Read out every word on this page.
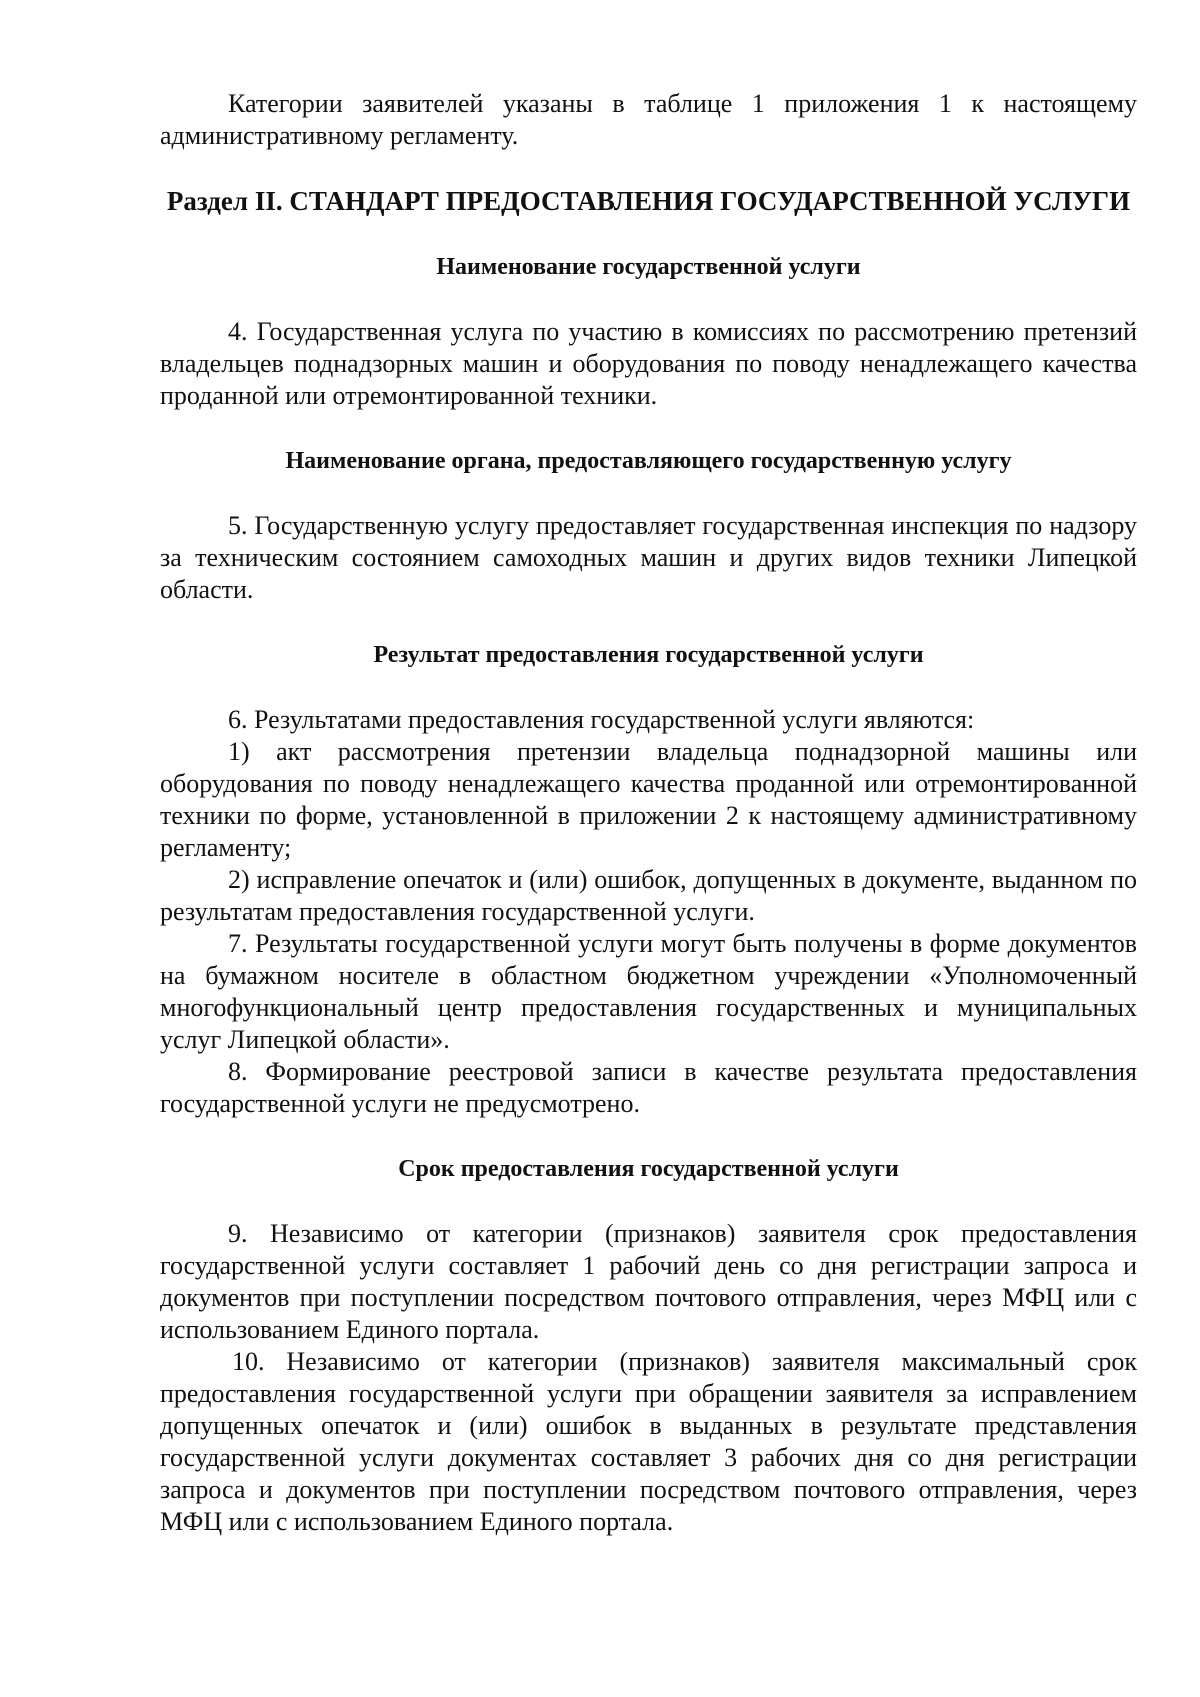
Категории заявителей указаны в таблице 1 приложения 1 к настоящему административному регламенту.

Раздел II. СТАНДАРТ ПРЕДОСТАВЛЕНИЯ ГОСУДАРСТВЕННОЙ УСЛУГИ
Наименование государственной услуги

4. Государственная услуга по участию в комиссиях по рассмотрению претензий владельцев поднадзорных машин и оборудования по поводу ненадлежащего качества проданной или отремонтированной техники.

Наименование органа, предоставляющего государственную услугу

5. Государственную услугу предоставляет государственная инспекция по надзору за техническим состоянием самоходных машин и других видов техники Липецкой области.

Результат предоставления государственной услуги

6. Результатами предоставления государственной услуги являются:

1) акт рассмотрения претензии владельца поднадзорной машины или оборудования по поводу ненадлежащего качества проданной или отремонтированной техники по форме, установленной в приложении 2 к настоящему административному регламенту;

2) исправление опечаток и (или) ошибок, допущенных в документе, выданном по результатам предоставления государственной услуги.

7. Результаты государственной услуги могут быть получены в форме документов на бумажном носителе в областном бюджетном учреждении «Уполномоченный многофункциональный центр предоставления государственных и муниципальных услуг Липецкой области».

8. Формирование реестровой записи в качестве результата предоставления государственной услуги не предусмотрено.

Срок предоставления государственной услуги

9. Независимо от категории (признаков) заявителя срок предоставления государственной услуги составляет 1 рабочий день со дня регистрации запроса и документов при поступлении посредством почтового отправления, через МФЦ или с использованием Единого портала.

10. Независимо от категории (признаков) заявителя максимальный срок предоставления государственной услуги при обращении заявителя за исправлением допущенных опечаток и (или) ошибок в выданных в результате представления государственной услуги документах составляет 3 рабочих дня со дня регистрации запроса и документов при поступлении посредством почтового отправления, через МФЦ или с использованием Единого портала.
